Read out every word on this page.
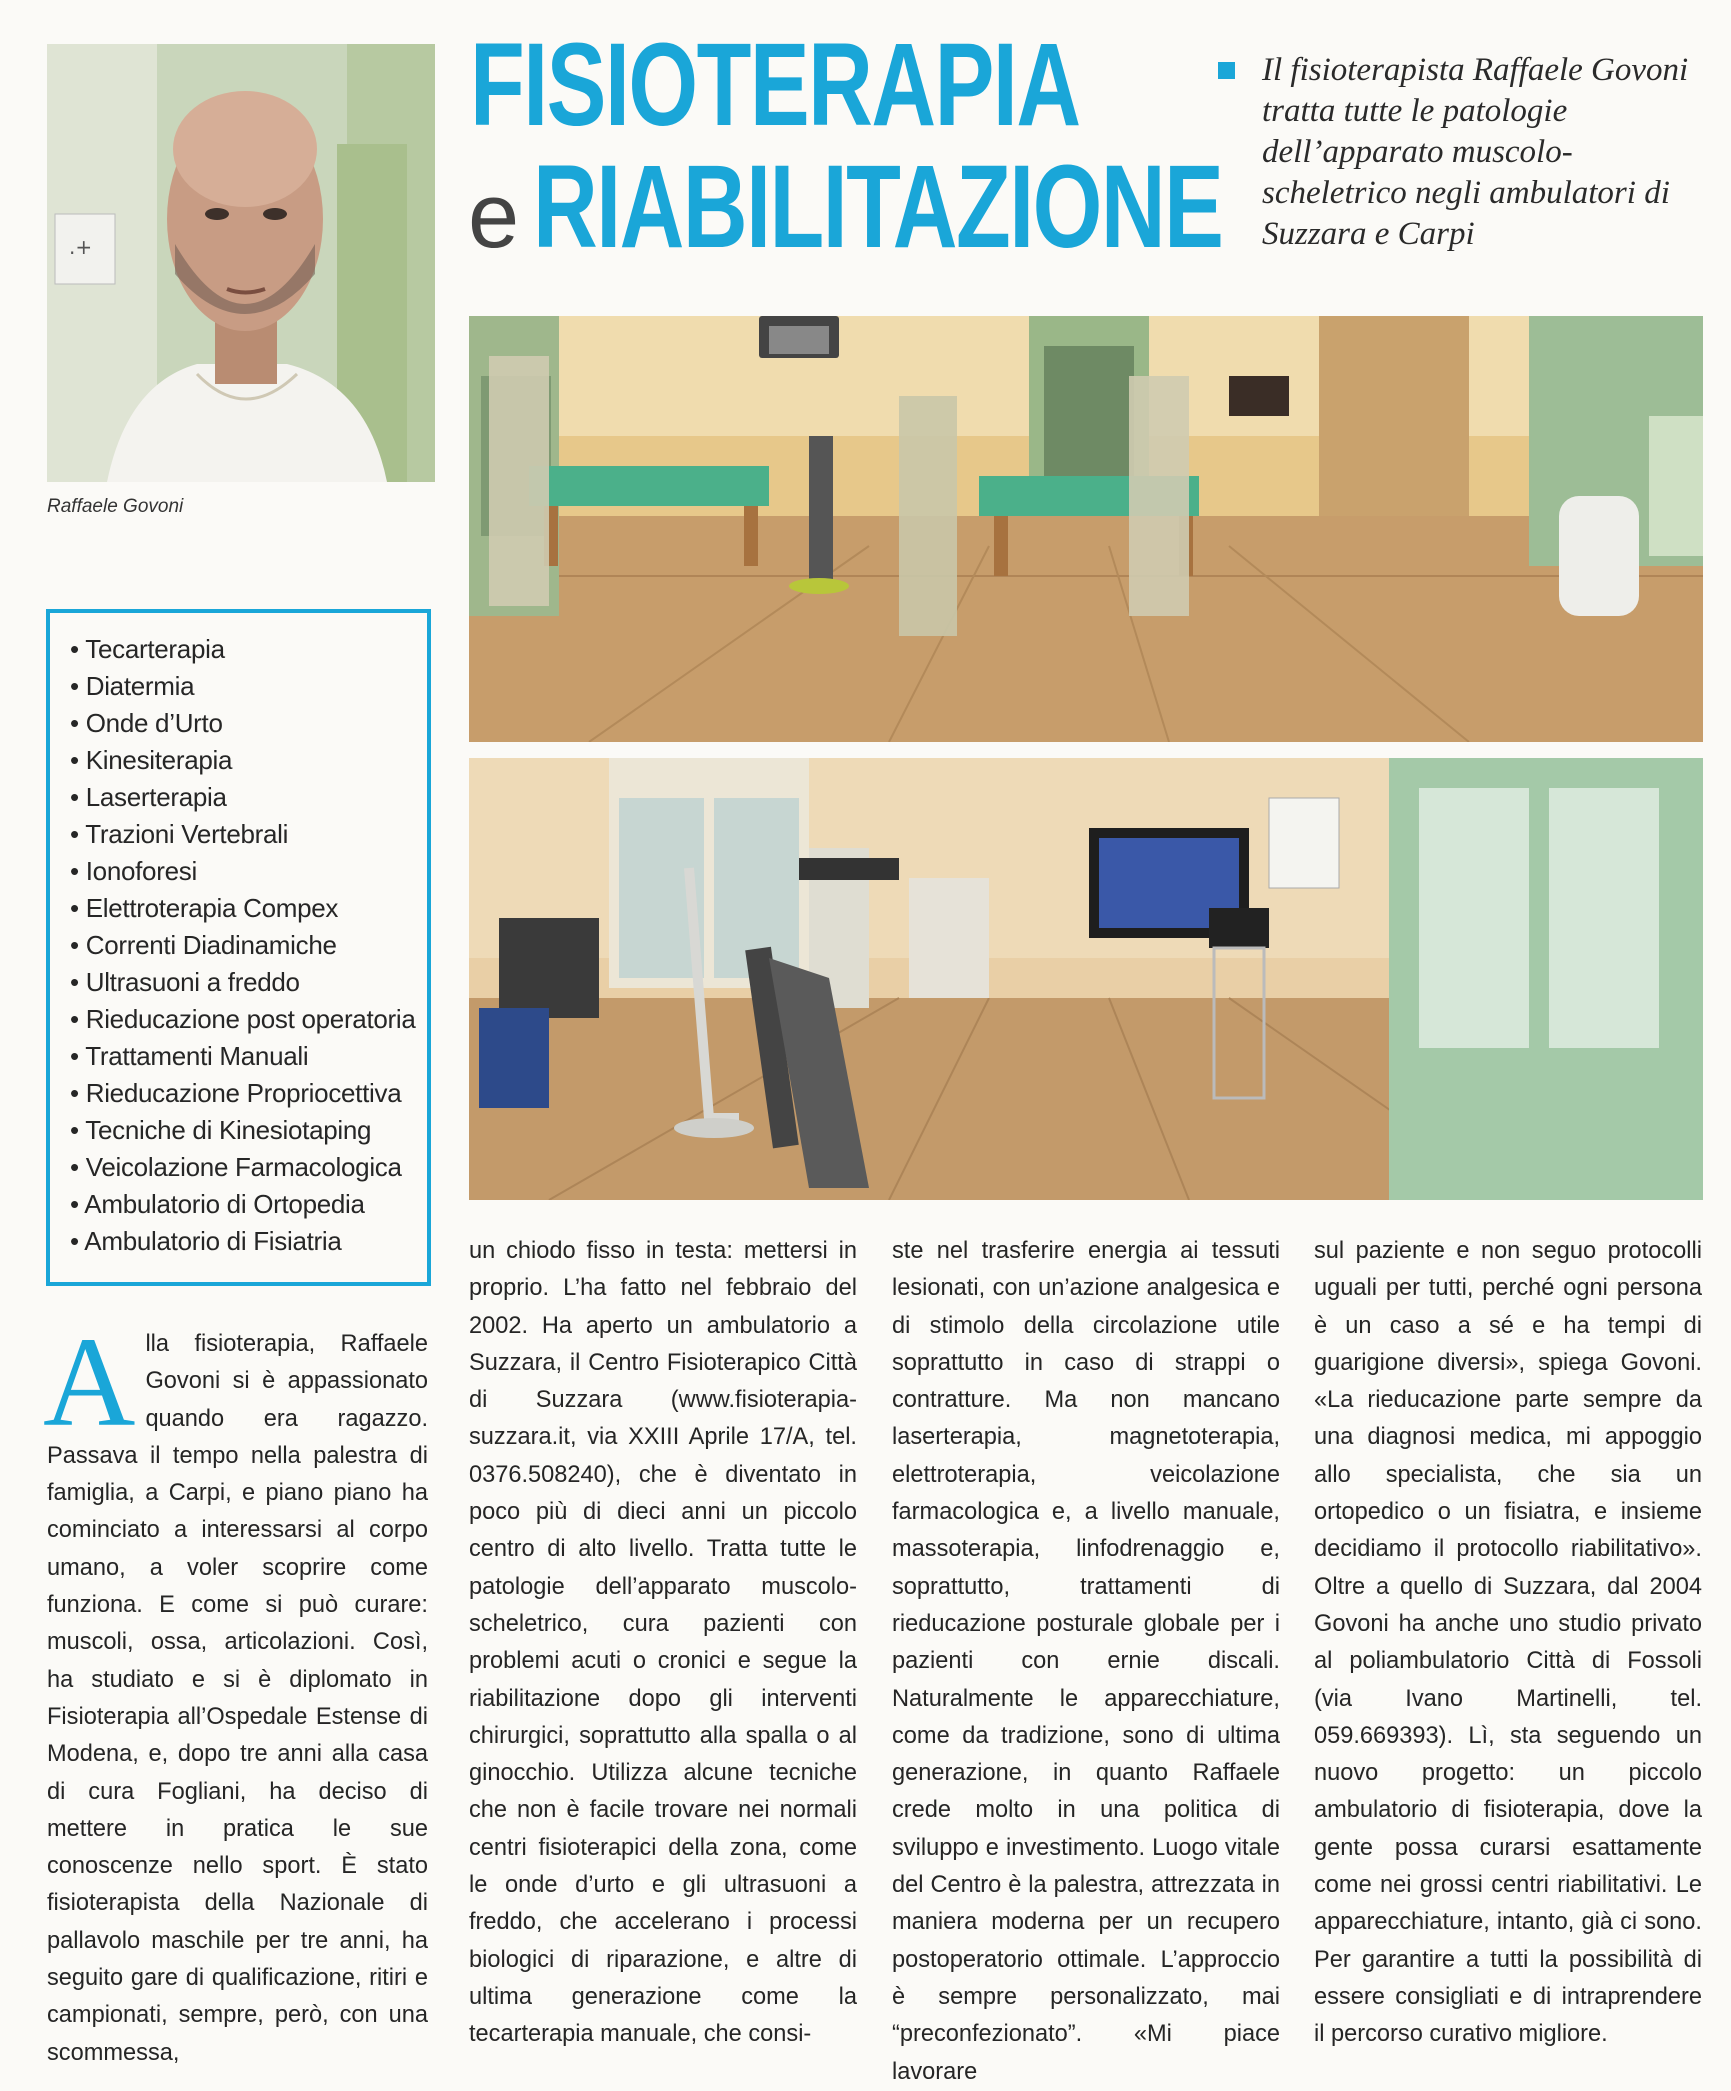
.+
Raffaele Govoni
FISIOTERAPIA
e RIABILITAZIONE
Il fisioterapista Raffaele Govoni tratta tutte le patologie dell’apparato muscolo-scheletrico negli ambulatori di Suzzara e Carpi
• Tecarterapia
• Diatermia
• Onde d’Urto
• Kinesiterapia
• Laserterapia
• Trazioni Vertebrali
• Ionoforesi
• Elettroterapia Compex
• Correnti Diadinamiche
• Ultrasuoni a freddo
• Rieducazione post operatoria
• Trattamenti Manuali
• Rieducazione Propriocettiva
• Tecniche di Kinesiotaping
• Veicolazione Farmacologica
• Ambulatorio di Ortopedia
• Ambulatorio di Fisiatria
Alla fisioterapia, Raffaele Govoni si è appassionato quando era ragazzo. Passava il tempo nella palestra di famiglia, a Carpi, e piano piano ha cominciato a interessarsi al corpo umano, a voler scoprire come funziona. E come si può curare: muscoli, ossa, articolazioni. Così, ha studiato e si è diplomato in Fisioterapia all’Ospedale Estense di Modena, e, dopo tre anni alla casa di cura Fogliani, ha deciso di mettere in pratica le sue conoscenze nello sport. È stato fisioterapista della Nazionale di pallavolo maschile per tre anni, ha seguito gare di qualificazione, ritiri e campionati, sempre, però, con una scommessa,
un chiodo fisso in testa: mettersi in proprio. L’ha fatto nel febbraio del 2002. Ha aperto un ambulatorio a Suzzara, il Centro Fisioterapico Città di Suzzara (www.fisioterapia-suzzara.it, via XXIII Aprile 17/A, tel. 0376.508240), che è diventato in poco più di dieci anni un piccolo centro di alto livello. Tratta tutte le patologie dell’apparato muscolo-scheletrico, cura pazienti con problemi acuti o cronici e segue la riabilitazione dopo gli interventi chirurgici, soprattutto alla spalla o al ginocchio. Utilizza alcune tecniche che non è facile trovare nei normali centri fisioterapici della zona, come le onde d’urto e gli ultrasuoni a freddo, che accelerano i processi biologici di riparazione, e altre di ultima generazione come la tecarterapia manuale, che consi-
ste nel trasferire energia ai tessuti lesionati, con un’azione analgesica e di stimolo della circolazione utile soprattutto in caso di strappi o contratture. Ma non mancano laserterapia, magnetoterapia, elettroterapia, veicolazione farmacologica e, a livello manuale, massoterapia, linfodrenaggio e, soprattutto, trattamenti di rieducazione posturale globale per i pazienti con ernie discali. Naturalmente le apparecchiature, come da tradizione, sono di ultima generazione, in quanto Raffaele crede molto in una politica di sviluppo e investimento. Luogo vitale del Centro è la palestra, attrezzata in maniera moderna per un recupero postoperatorio ottimale. L’approccio è sempre personalizzato, mai “preconfezionato”. «Mi piace lavorare
sul paziente e non seguo protocolli uguali per tutti, perché ogni persona è un caso a sé e ha tempi di guarigione diversi», spiega Govoni. «La rieducazione parte sempre da una diagnosi medica, mi appoggio allo specialista, che sia un ortopedico o un fisiatra, e insieme decidiamo il protocollo riabilitativo». Oltre a quello di Suzzara, dal 2004 Govoni ha anche uno studio privato al poliambulatorio Città di Fossoli (via Ivano Martinelli, tel. 059.669393). Lì, sta seguendo un nuovo progetto: un piccolo ambulatorio di fisioterapia, dove la gente possa curarsi esattamente come nei grossi centri riabilitativi. Le apparecchiature, intanto, già ci sono. Per garantire a tutti la possibilità di essere consigliati e di intraprendere il percorso curativo migliore.
